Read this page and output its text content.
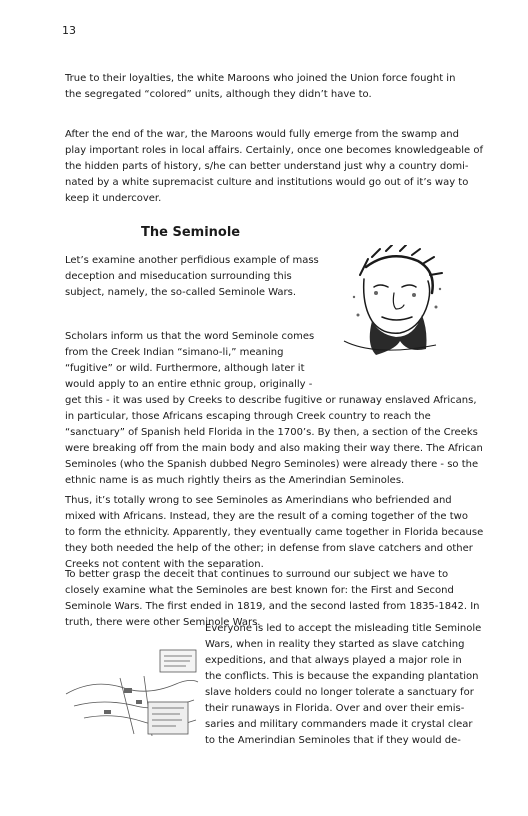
13

True to their loyalties, the white Maroons who joined the Union force fought in
the segregated “colored” units, although they didn’t have to.

After the end of the war, the Maroons would fully emerge from the swamp and
play important roles in local affairs. Certainly, once one becomes knowledgeable of
the hidden parts of history, s/he can better understand just why a country domi-
nated by a white supremacist culture and institutions would go out of it’s way to
keep it undercover.

The Seminole

Let’s examine another perfidious example of mass
deception and miseducation surrounding this
subject, namely, the so-called Seminole Wars.

Scholars inform us that the word Seminole comes
from the Creek Indian “simano-li,” meaning
“fugitive” or wild. Furthermore, although later it
would apply to an entire ethnic group, originally -
get this - it was used by Creeks to describe fugitive or runaway enslaved Africans,
in particular, those Africans escaping through Creek country to reach the
“sanctuary” of Spanish held Florida in the 1700’s. By then, a section of the Creeks
were breaking off from the main body and also making their way there. The African
Seminoles (who the Spanish dubbed Negro Seminoles) were already there - so the
ethnic name is as much rightly theirs as the Amerindian Seminoles.

Thus, it’s totally wrong to see Seminoles as Amerindians who befriended and
mixed with Africans. Instead, they are the result of a coming together of the two
to form the ethnicity. Apparently, they eventually came together in Florida because
they both needed the help of the other; in defense from slave catchers and other
Creeks not content with the separation.

To better grasp the deceit that continues to surround our subject we have to
closely examine what the Seminoles are best known for: the First and Second
Seminole Wars. The first ended in 1819, and the second lasted from 1835-1842. In
truth, there were other Seminole Wars.

Everyone is led to accept the misleading title Seminole
Wars, when in reality they started as slave catching
expeditions, and that always played a major role in
the conflicts. This is because the expanding plantation
slave holders could no longer tolerate a sanctuary for
their runaways in Florida. Over and over their emis-
saries and military commanders made it crystal clear
to the Amerindian Seminoles that if they would de-
